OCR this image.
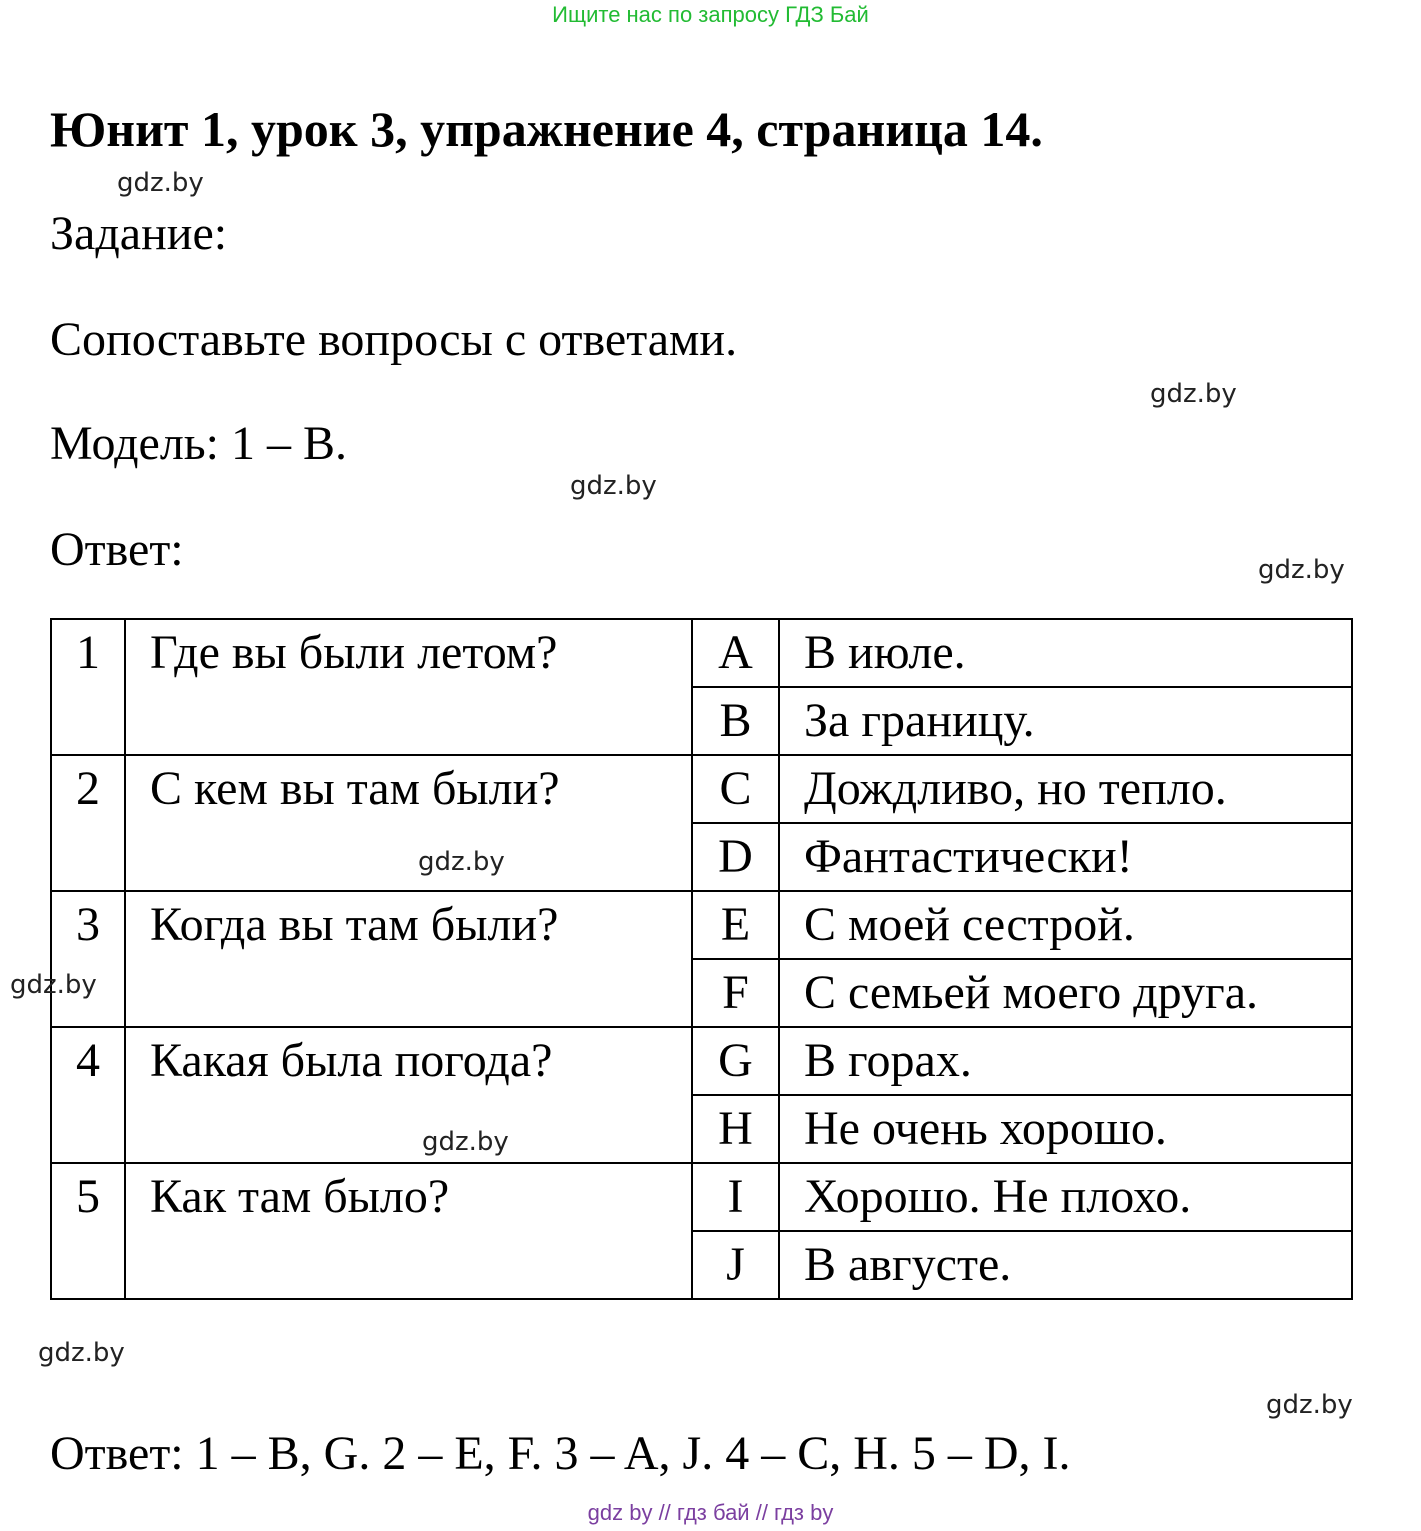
Ищите нас по запросу ГДЗ Бай
Юнит 1, урок 3, упражнение 4, страница 14.
gdz.by
Задание:
Сопоставьте вопросы с ответами.
gdz.by
Модель: 1 – B.
gdz.by
Ответ:	gdz.by
1	Где вы были летом?	A	В июле.
		B	За границу.
2	С кем вы там были?	C	Дождливо, но тепло.
		D	Фантастически!
3	Когда вы там были?	E	С моей сестрой.
		F	С семьей моего друга.
4	Какая была погода?	G	В горах.
		H	Не очень хорошо.
5	Как там было?	I	Хорошо. Не плохо.
		J	В августе.
gdz.by
gdz.by
gdz.by
gdz.by
gdz.by
Ответ: 1 – B, G. 2 – E, F. 3 – A, J. 4 – C, H. 5 – D, I.
gdz by // гдз бай // гдз by
